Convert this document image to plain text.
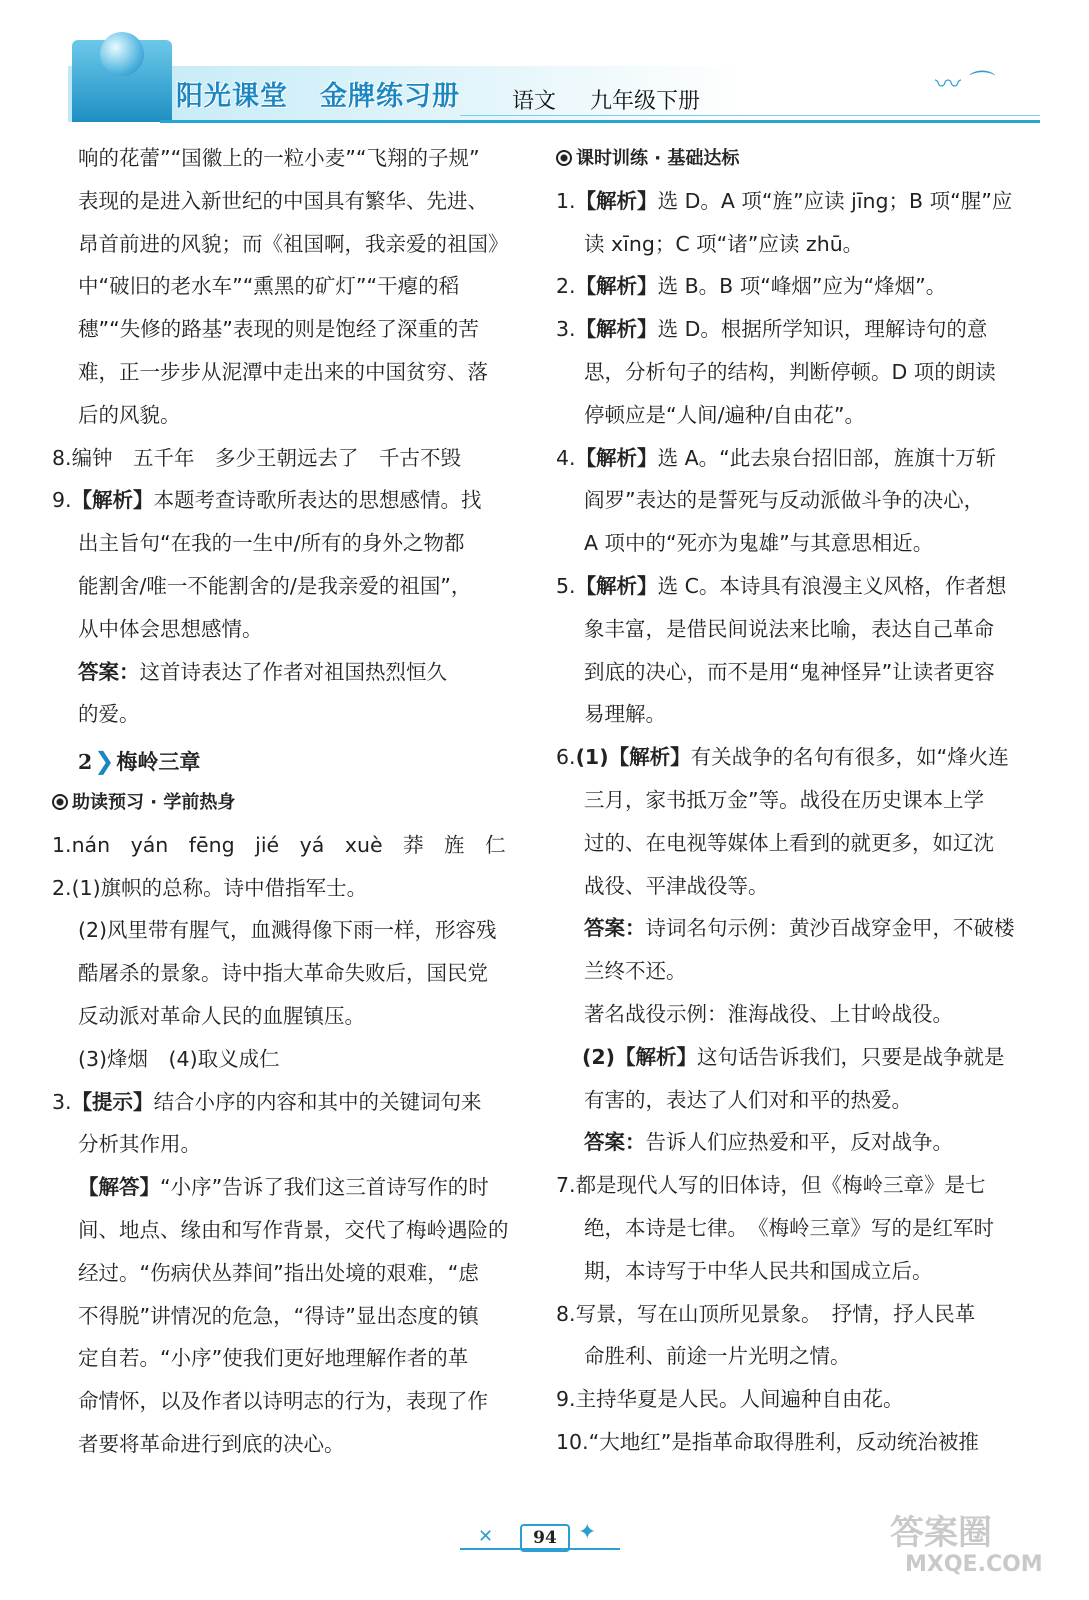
阳光课堂 金牌练习册 语文 九年级下册
〰 ⌒
响的花蕾”“国徽上的一粒小麦”“飞翔的子规”
表现的是进入新世纪的中国具有繁华、先进、
昂首前进的风貌；而《祖国啊，我亲爱的祖国》
中“破旧的老水车”“熏黑的矿灯”“干瘪的稻
穗”“失修的路基”表现的则是饱经了深重的苦
难，正一步步从泥潭中走出来的中国贫穷、落
后的风貌。
8.编钟　五千年　多少王朝远去了　千古不毁
9.【解析】本题考查诗歌所表达的思想感情。找
出主旨句“在我的一生中/所有的身外之物都
能割舍/唯一不能割舍的/是我亲爱的祖国”，
从中体会思想感情。
答案：这首诗表达了作者对祖国热烈恒久
的爱。
2❯梅岭三章
助读预习 · 学前热身
1.nán　yán　fēng　jié　yá　xuè　莽　旌　仁
2.(1)旗帜的总称。诗中借指军士。
(2)风里带有腥气，血溅得像下雨一样，形容残
酷屠杀的景象。诗中指大革命失败后，国民党
反动派对革命人民的血腥镇压。
(3)烽烟　(4)取义成仁
3.【提示】结合小序的内容和其中的关键词句来
分析其作用。
【解答】“小序”告诉了我们这三首诗写作的时
间、地点、缘由和写作背景，交代了梅岭遇险的
经过。“伤病伏丛莽间”指出处境的艰难，“虑
不得脱”讲情况的危急，“得诗”显出态度的镇
定自若。“小序”使我们更好地理解作者的革
命情怀，以及作者以诗明志的行为，表现了作
者要将革命进行到底的决心。
课时训练 · 基础达标
1.【解析】选 D。A 项“旌”应读 jīng；B 项“腥”应
读 xīng；C 项“诸”应读 zhū。
2.【解析】选 B。B 项“峰烟”应为“烽烟”。
3.【解析】选 D。根据所学知识，理解诗句的意
思，分析句子的结构，判断停顿。D 项的朗读
停顿应是“人间/遍种/自由花”。
4.【解析】选 A。“此去泉台招旧部，旌旗十万斩
阎罗”表达的是誓死与反动派做斗争的决心，
A 项中的“死亦为鬼雄”与其意思相近。
5.【解析】选 C。本诗具有浪漫主义风格，作者想
象丰富，是借民间说法来比喻，表达自己革命
到底的决心，而不是用“鬼神怪异”让读者更容
易理解。
6.(1)【解析】有关战争的名句有很多，如“烽火连
三月，家书抵万金”等。战役在历史课本上学
过的、在电视等媒体上看到的就更多，如辽沈
战役、平津战役等。
答案：诗词名句示例：黄沙百战穿金甲，不破楼
兰终不还。
著名战役示例：淮海战役、上甘岭战役。
(2)【解析】这句话告诉我们，只要是战争就是
有害的，表达了人们对和平的热爱。
答案：告诉人们应热爱和平，反对战争。
7.都是现代人写的旧体诗，但《梅岭三章》是七
绝，本诗是七律。　《梅岭三章》写的是红军时
期，本诗写于中华人民共和国成立后。
8.写景，写在山顶所见景象。　抒情，抒人民革
命胜利、前途一片光明之情。
9.主持华夏是人民。人间遍种自由花。
10.“大地红”是指革命取得胜利，反动统治被推
✕	94 ✦	答案圈
MXQE.COM
